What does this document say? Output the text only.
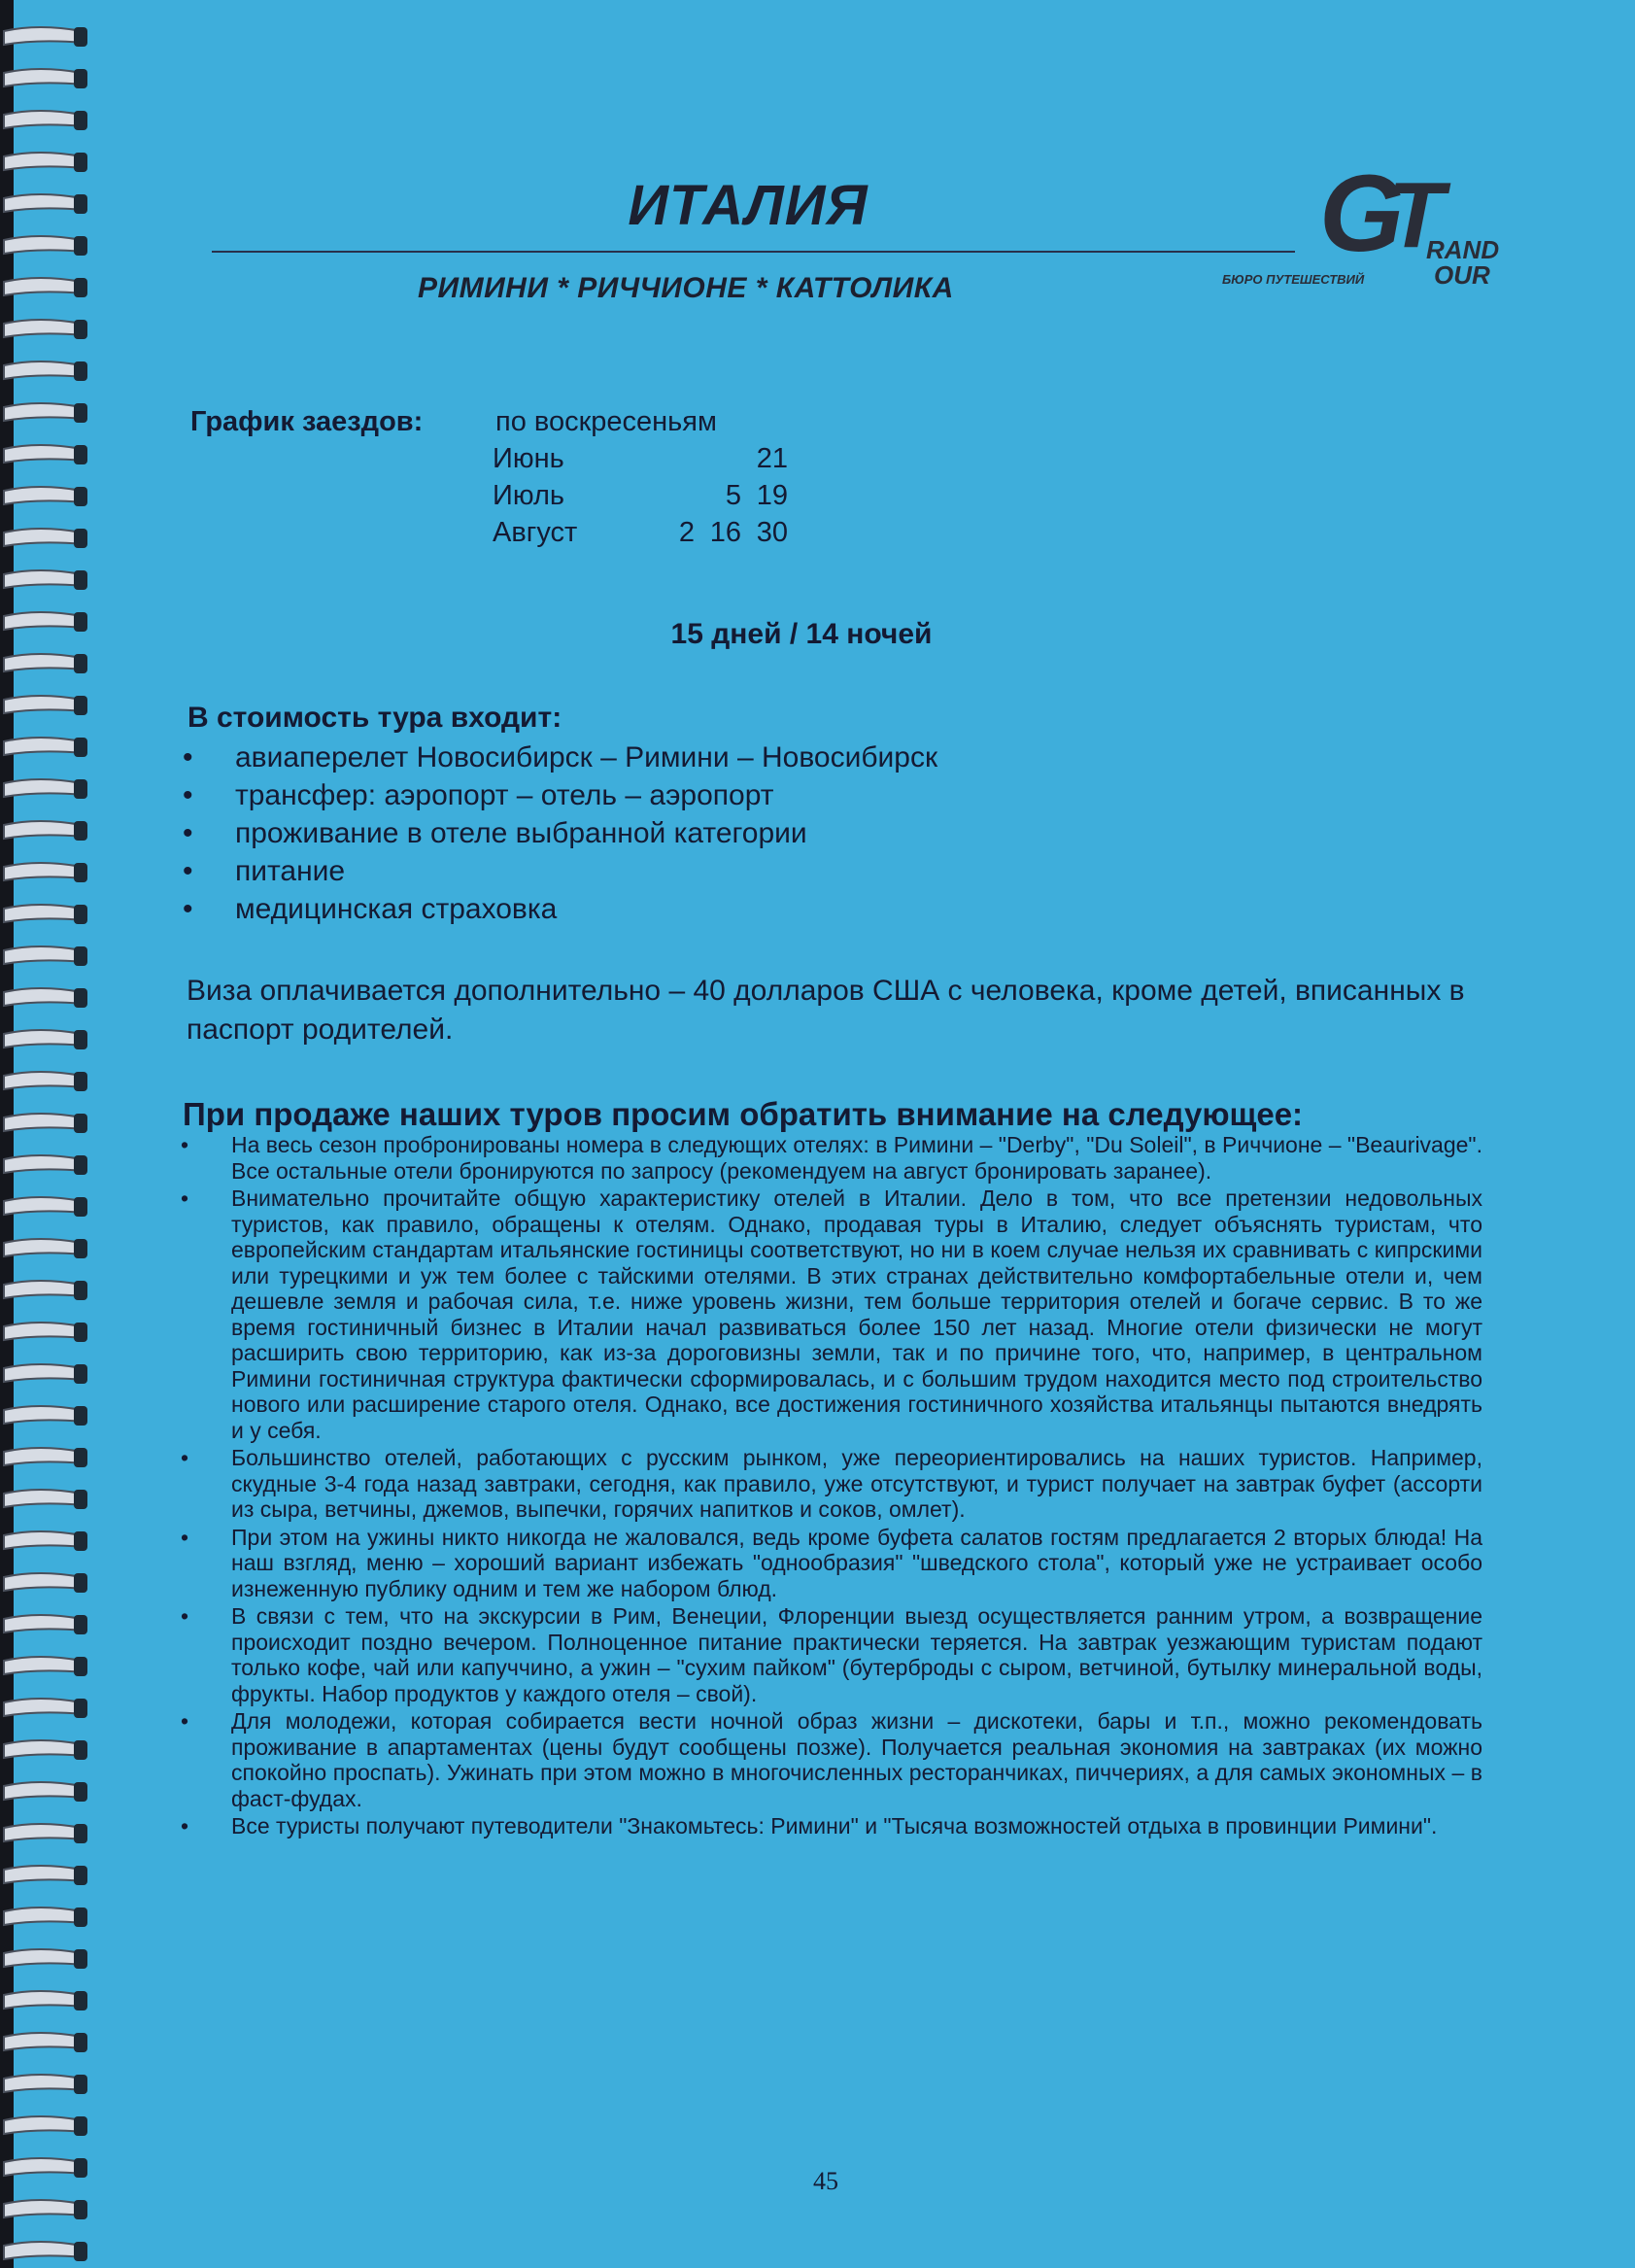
ИТАЛИЯ
РИМИНИ * РИЧЧИОНЕ * КАТТОЛИКА
G
T
RAND
OUR
БЮРО ПУТЕШЕСТВИЙ
График заездов:	по воскресеньям
Июнь	21
Июль	5 19
Август	2 16 30
15 дней / 14 ночей
В стоимость тура входит:
• авиаперелет Новосибирск – Римини – Новосибирск
• трансфер: аэропорт – отель – аэропорт
• проживание в отеле выбранной категории
• питание
• медицинская страховка
Виза оплачивается дополнительно – 40 долларов США с человека, кроме детей, вписанных в паспорт родителей.
При продаже наших туров просим обратить внимание на следующее:
• На весь сезон пробронированы номера в следующих отелях: в Римини – "Derby", "Du Soleil", в Риччионе – "Beaurivage". Все остальные отели бронируются по запросу (рекомендуем на август бронировать заранее).
• Внимательно прочитайте общую характеристику отелей в Италии. Дело в том, что все претензии недовольных туристов, как правило, обращены к отелям. Однако, продавая туры в Италию, следует объяснять туристам, что европейским стандартам итальянские гостиницы соответствуют, но ни в коем случае нельзя их сравнивать с кипрскими или турецкими и уж тем более с тайскими отелями. В этих странах действительно комфортабельные отели и, чем дешевле земля и рабочая сила, т.е. ниже уровень жизни, тем больше территория отелей и богаче сервис. В то же время гостиничный бизнес в Италии начал развиваться более 150 лет назад. Многие отели физически не могут расширить свою территорию, как из-за дороговизны земли, так и по причине того, что, например, в центральном Римини гостиничная структура фактически сформировалась, и с большим трудом находится место под строительство нового или расширение старого отеля. Однако, все достижения гостиничного хозяйства итальянцы пытаются внедрять и у себя.
• Большинство отелей, работающих с русским рынком, уже переориентировались на наших туристов. Например, скудные 3-4 года назад завтраки, сегодня, как правило, уже отсутствуют, и турист получает на завтрак буфет (ассорти из сыра, ветчины, джемов, выпечки, горячих напитков и соков, омлет).
• При этом на ужины никто никогда не жаловался, ведь кроме буфета салатов гостям предлагается 2 вторых блюда! На наш взгляд, меню – хороший вариант избежать "однообразия" "шведского стола", который уже не устраивает особо изнеженную публику одним и тем же набором блюд.
• В связи с тем, что на экскурсии в Рим, Венеции, Флоренции выезд осуществляется ранним утром, а возвращение происходит поздно вечером. Полноценное питание практически теряется. На завтрак уезжающим туристам подают только кофе, чай или капуччино, а ужин – "сухим пайком" (бутерброды с сыром, ветчиной, бутылку минеральной воды, фрукты. Набор продуктов у каждого отеля – свой).
• Для молодежи, которая собирается вести ночной образ жизни – дискотеки, бары и т.п., можно рекомендовать проживание в апартаментах (цены будут сообщены позже). Получается реальная экономия на завтраках (их можно спокойно проспать). Ужинать при этом можно в многочисленных ресторанчиках, пиччериях, а для самых экономных – в фаст-фудах.
• Все туристы получают путеводители "Знакомьтесь: Римини" и "Тысяча возможностей отдыха в провинции Римини".
45
